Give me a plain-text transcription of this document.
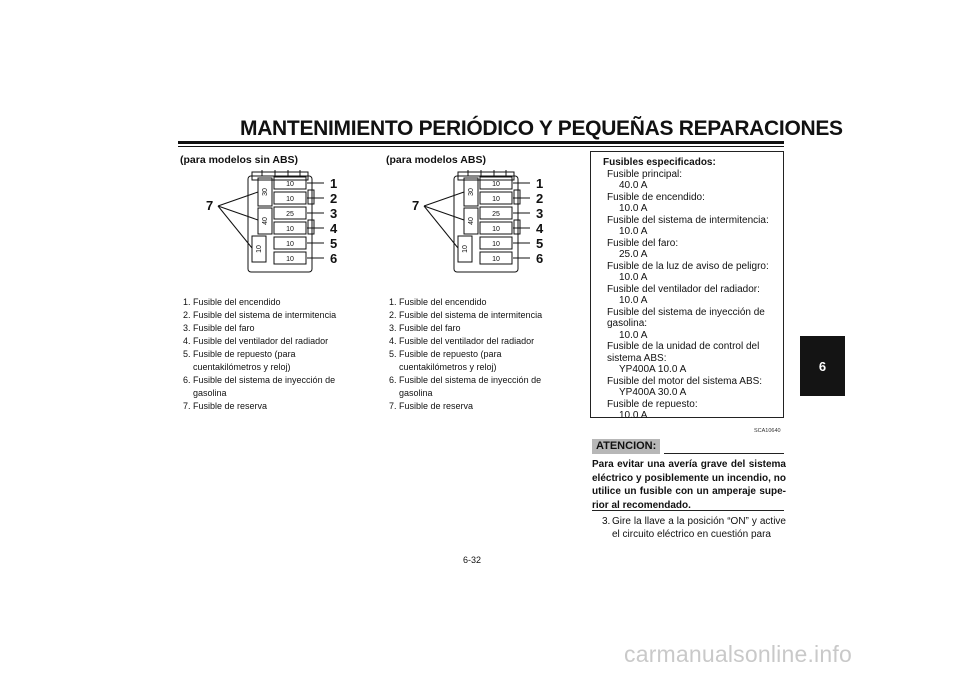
MANTENIMIENTO PERIÓDICO Y PEQUEÑAS REPARACIONES
6
(para modelos sin ABS)
10
10
25
10
10
10
30
40
10
1
2
3
4
5
6
7
1. Fusible del encendido
2. Fusible del sistema de intermitencia
3. Fusible del faro
4. Fusible del ventilador del radiador
5. Fusible de repuesto (para cuentakilómetros y reloj)
6. Fusible del sistema de inyección de gasolina
7. Fusible de reserva
(para modelos ABS)
10
10
25
10
10
10
30
40
10
1
2
3
4
5
6
7
1. Fusible del encendido
2. Fusible del sistema de intermitencia
3. Fusible del faro
4. Fusible del ventilador del radiador
5. Fusible de repuesto (para cuentakilómetros y reloj)
6. Fusible del sistema de inyección de gasolina
7. Fusible de reserva
Fusibles especificados:
Fusible principal:
40.0 A
Fusible de encendido:
10.0 A
Fusible del sistema de intermitencia:
10.0 A
Fusible del faro:
25.0 A
Fusible de la luz de aviso de peligro:
10.0 A
Fusible del ventilador del radiador:
10.0 A
Fusible del sistema de inyección de gasolina:
10.0 A
Fusible de la unidad de control del sistema ABS:
YP400A 10.0 A
Fusible del motor del sistema ABS:
YP400A 30.0 A
Fusible de repuesto:
10.0 A
SCA10640
ATENCION:
Para evitar una avería grave del sistema eléctrico y posiblemente un incendio, no utilice un fusible con un amperaje supe-rior al recomendado.
3. Gire la llave a la posición “ON” y active el circuito eléctrico en cuestión para
6-32
carmanualsonline.info
